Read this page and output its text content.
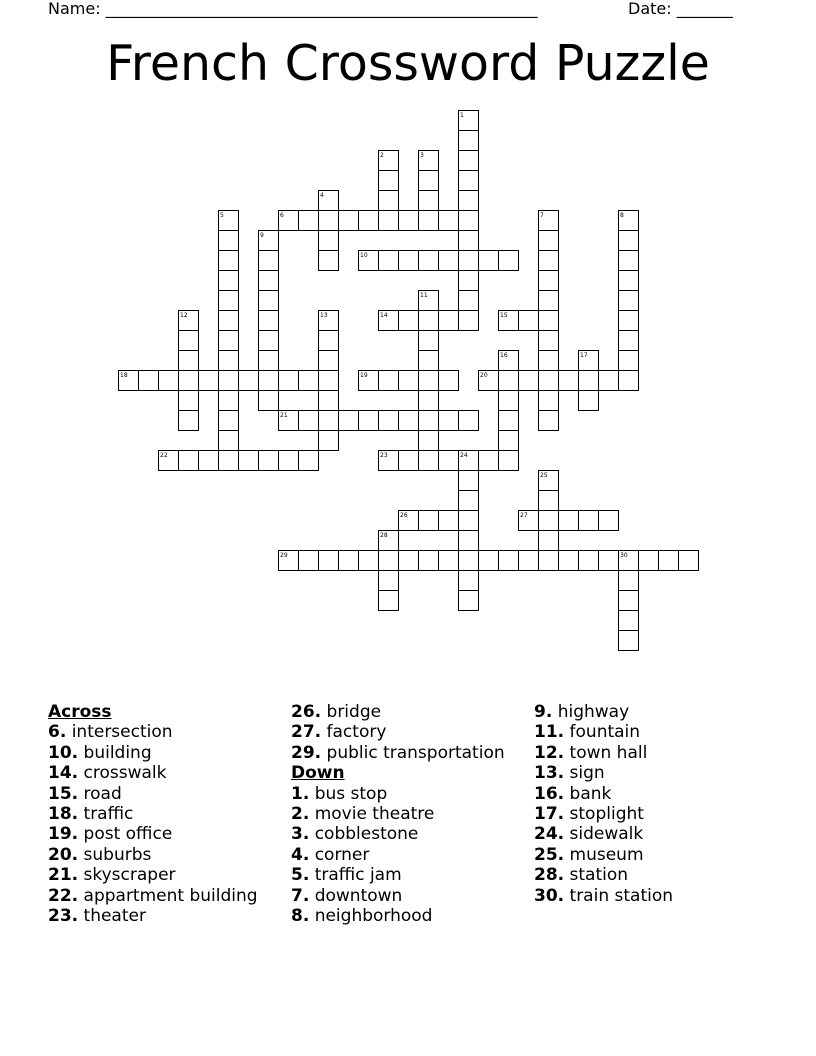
Name: ______________________________________________________	Date: _______
French Crossword Puzzle
1
2	3
4
5	6	7	8
9
10
11
12	13	14	15
16	17
18	19	20
21
22	23	24
25
26	27
28
29	30
Across
6. intersection
10. building
14. crosswalk
15. road
18. traffic
19. post office
20. suburbs
21. skyscraper
22. appartment building
23. theater
26. bridge
27. factory
29. public transportation
Down
1. bus stop
2. movie theatre
3. cobblestone
4. corner
5. traffic jam
7. downtown
8. neighborhood
9. highway
11. fountain
12. town hall
13. sign
16. bank
17. stoplight
24. sidewalk
25. museum
28. station
30. train station
